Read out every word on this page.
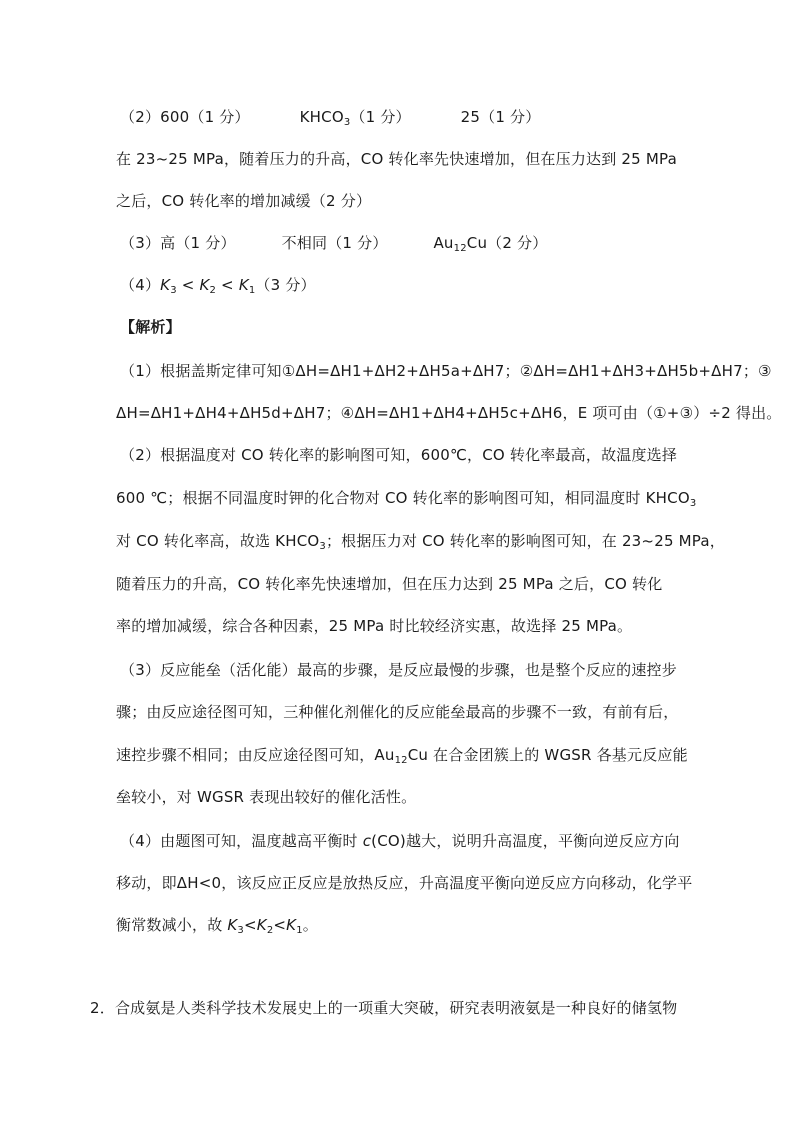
（2）600（1 分）	$KHCO_3(1$ 分）	25（1 分）
在 23~25 MPa，随着压力的升高，CO 转化率先快速增加，但在压力达到 25 MPa
之后，CO 转化率的增加减缓（2 分）
（3）高（1 分）	不相同（1 分）	$Au_{12}Cu(2$ 分）
$(4)K_3 < K_2 < K_1(3$ 分）
【解析】
（1）根据盖斯定律可知①ΔH=ΔH1+ΔH2+ΔH5a+ΔH7；②ΔH=ΔH1+ΔH3+ΔH5b+ΔH7；③
ΔH=ΔH1+ΔH4+ΔH5d+ΔH7；④ΔH=ΔH1+ΔH4+ΔH5c+ΔH6，E 项可由（①+③）÷2 得出。
（2）根据温度对 CO 转化率的影响图可知，600℃，CO 转化率最高，故温度选择
600 ℃；根据不同温度时钾的化合物对 CO 转化率的影响图可知，相同温度时 $KHCO_3$
对 CO 转化率高，故选 $KHCO_3$；根据压力对 CO 转化率的影响图可知，在 23~25 MPa，
随着压力的升高，CO 转化率先快速增加，但在压力达到 25 MPa 之后，CO 转化
率的增加减缓，综合各种因素，25 MPa 时比较经济实惠，故选择 25 MPa。
（3）反应能垒（活化能）最高的步骤，是反应最慢的步骤，也是整个反应的速控步
骤；由反应途径图可知，三种催化剂催化的反应能垒最高的步骤不一致，有前有后，
速控步骤不相同；由反应途径图可知，$Au_{12}Cu$ 在合金团簇上的 WGSR 各基元反应能
垒较小，对 WGSR 表现出较好的催化活性。
（4）由题图可知，温度越高平衡时 c(CO)越大，说明升高温度，平衡向逆反应方向
移动，即ΔH<0，该反应正反应是放热反应，升高温度平衡向逆反应方向移动，化学平
衡常数减小，故 $K_3<K_2<K_1$。
2．合成氨是人类科学技术发展史上的一项重大突破，研究表明液氨是一种良好的储氢物
